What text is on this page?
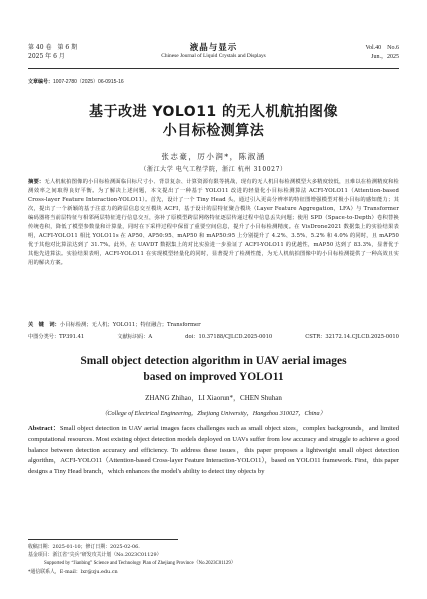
第 40 卷　第 6 期
2025 年 6 月
液晶与显示
Chinese Journal of Liquid Crystals and Displays
Vol.40　No.6
Jun.，2025
文章编号：1007-2780（2025）06-0915-16
基于改进 YOLO11 的无人机航拍图像
小目标检测算法
张志豪，厉小润*，陈淑涵
（浙江大学 电气工程学院，浙江 杭州 310027）
摘要：无人机航拍图像的小目标检测面临目标尺寸小、背景复杂、计算资源有限等挑战，现有的无人机目标检测模型大多精度较低，且难以在检测精度和检测效率之间取得良好平衡。为了解决上述问题，本文提出了一种基于 YOLO11 改进的轻量化小目标检测算法 ACFI-YOLO11（Attention-based Cross-layer Feature Interaction-YOLO11）。首先，设计了一个 Tiny Head 头，通过引入更高分辨率的特征图增强模型对极小目标的感知能力；其次，提出了一个新颖的基于注意力的跨层信息交互模块 ACFI，基于设计的层特征聚合模块（Layer Feature Aggregation，LFA）与 Transformer 编码器将当前层特征与相邻两层特征进行信息交互，弥补了原模型跨层网络特征逐层传递过程中信息丢失问题；使用 SPD（Space-to-Depth）卷积替换传统卷积，降低了模型参数量和计算量，同时在下采样过程中保留了重要空间信息，提升了小目标检测精度。在 VisDrone2021 数据集上的实验结果表明，ACFI-YOLO11 相比 YOLO11s 在 AP50、AP50:95、mAP50 和 mAP50:95 上分别提升了 4.2%、3.5%、5.2% 和 4.0% 的同时，且 mAP50 优于其他对比算法达到了 31.7%。此外，在 UAVDT 数据集上的对比实验进一步验证了 ACFI-YOLO11 的优越性，mAP50 达到了 83.3%，显著优于其他先进算法。实验结果表明，ACFI-YOLO11 在实现模型轻量化的同时，显著提升了检测性能，为无人机航拍图像中的小目标检测提供了一种高效且实用的解决方案。
关　键　词：小目标检测；无人机；YOLO11；特征融合；Transformer
中图分类号：TP391.41	文献标识码：A	doi：10.37188/CJLCD.2025-0010	CSTR：32172.14.CJLCD.2025-0010
Small object detection algorithm in UAV aerial images
based on improved YOLO11
ZHANG Zhihao，LI Xiaorun*，CHEN Shuhan
（College of Electrical Engineering，Zhejiang University，Hangzhou 310027，China）
Abstract：Small object detection in UAV aerial images faces challenges such as small object sizes，complex backgrounds，and limited computational resources. Most existing object detection models deployed on UAVs suffer from low accuracy and struggle to achieve a good balance between detection accuracy and efficiency. To address these issues，this paper proposes a lightweight small object detection algorithm，ACFI-YOLO11（Attention-based Cross-layer Feature Interaction-YOLO11），based on YOLO11 framework. First，this paper designs a Tiny Head branch，which enhances the model's ability to detect tiny objects by
收稿日期：2025-01-10；修订日期：2025-02-06.
基金项目：浙江省“尖兵”研发攻关计划（No.2023C01129）
Supported by “Jianbing” Science and Technology Plan of Zhejiang Province（No.2023C01129）
*通信联系人，E-mail：lxr@zju.edu.cn
